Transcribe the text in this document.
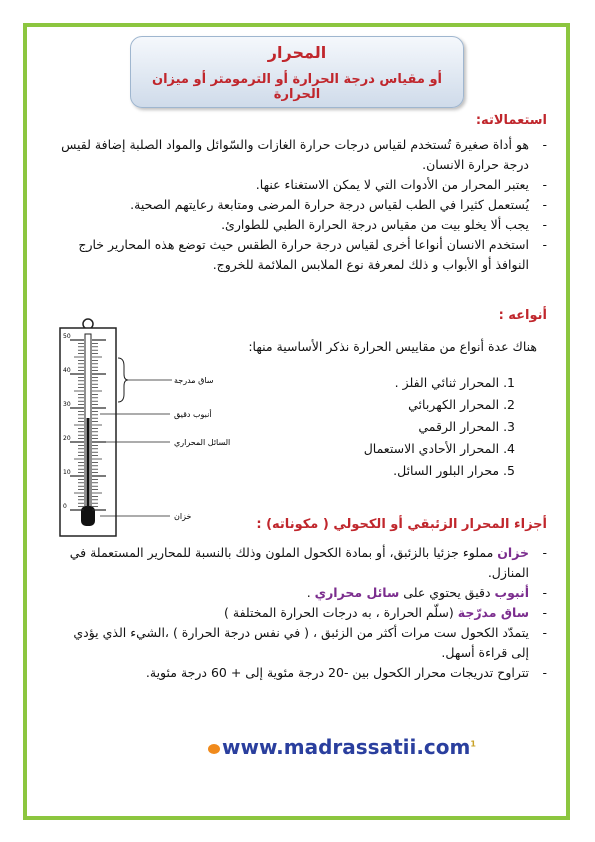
المحرار
أو مقياس درجة الحرارة أو الترمومتر أو ميزان الحرارة
استعمالاته:
- هو أداة صغيرة تُستخدم لقياس درجات حرارة الغازات والسّوائل والمواد الصلبة إضافة لقيس درجة حرارة الانسان.
- يعتبر المحرار من الأدوات التي لا يمكن الاستغناء عنها.
- يُستعمل كثيرا في الطب لقياس درجة حرارة المرضى ومتابعة رعايتهم الصحية.
- يجب ألا يخلو بيت من مقياس درجة الحرارة الطبي للطوارئ.
- استخدم الانسان أنواعا أخرى لقياس درجة حرارة الطقس حيث توضع هذه المحارير خارج النوافذ أو الأبواب و ذلك لمعرفة نوع الملابس الملائمة للخروج.
أنواعه :
هناك عدة أنواع من مقاييس الحرارة نذكر الأساسية منها:
1. المحرار ثنائي الفلز .
2. المحرار الكهربائي
3. المحرار الرقمي
4. المحرار الأحادي الاستعمال
5. محرار البلور السائل.
50
40
30
20
10
0
ساق مدرجة
أنبوب دقيق
السائل المحراري
خزان
أجزاء المحرار الزئبقي أو الكحولي ( مكوناته) :
- خزان مملوء جزئيا بالزئبق، أو بمادة الكحول الملون وذلك بالنسبة للمحارير المستعملة في المنازل.
- أنبوب دقيق يحتوي على سائل محراري .
- ساق مدرّجة (سلّم الحرارة ، به درجات الحرارة المختلفة )
- يتمدّد الكحول ست مرات أكثر من الزئبق ، ( في نفس درجة الحرارة ) ،الشيء الذي يؤدي إلى قراءة أسهل.
- تتراوح تدريجات محرار الكحول بين -20 درجة مئوية إلى + 60 درجة مئوية.
www.madrassatii.com$^1$
